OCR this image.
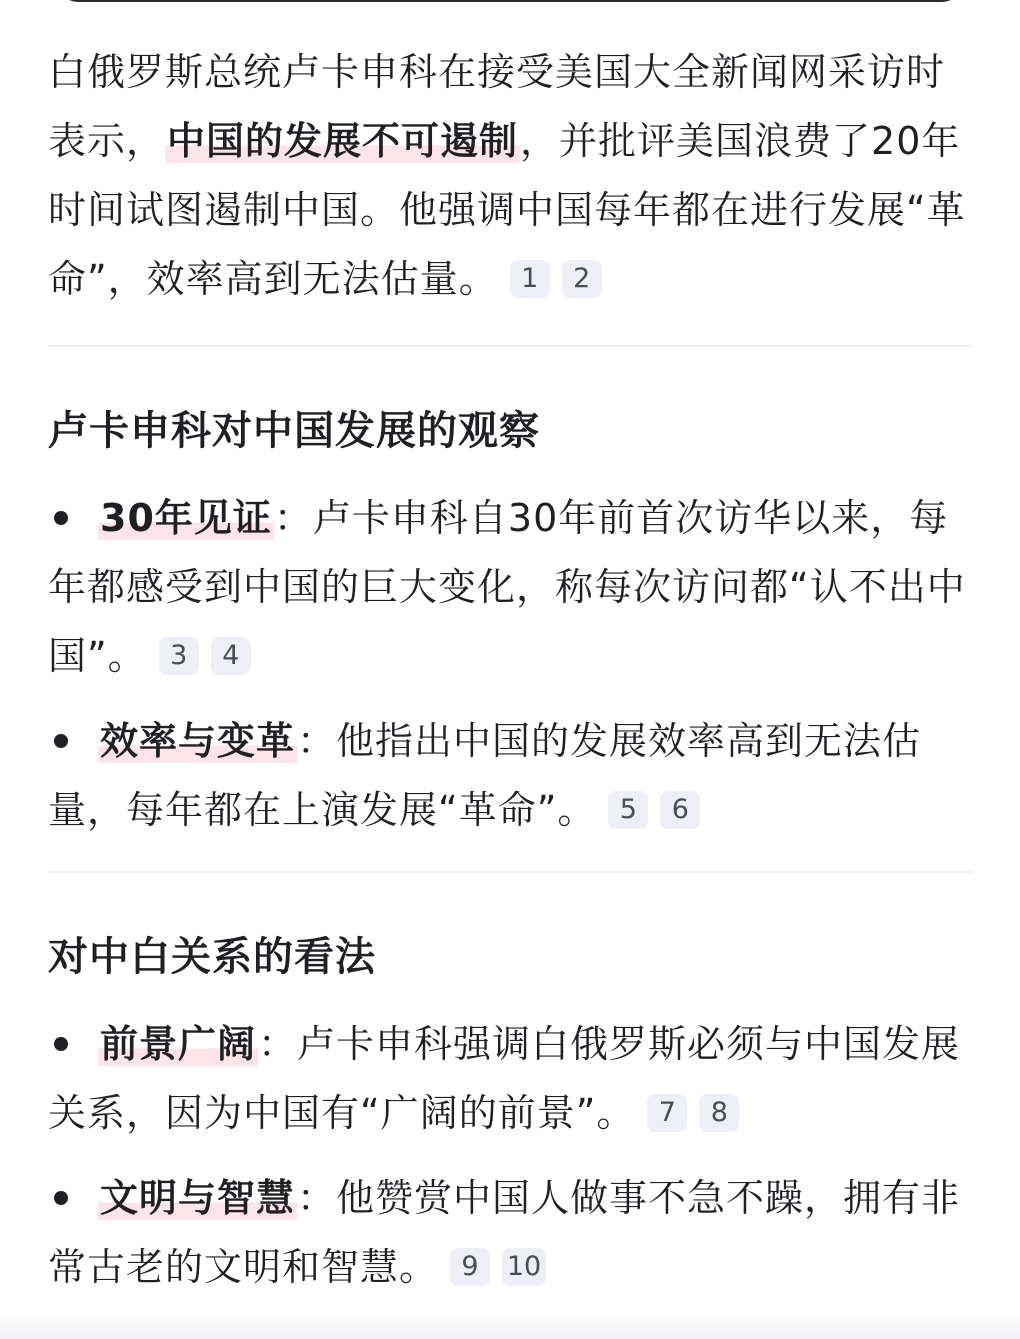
白俄罗斯总统卢卡申科在接受美国大全新闻网采访时表示，中国的发展不可遏制，并批评美国浪费了20年时间试图遏制中国。他强调中国每年都在进行发展“革命”，效率高到无法估量。 1 2

卢卡申科对中国发展的观察

30年见证：卢卡申科自30年前首次访华以来，每年都感受到中国的巨大变化，称每次访问都“认不出中国”。 3 4

效率与变革：他指出中国的发展效率高到无法估量，每年都在上演发展“革命”。 5 6

对中白关系的看法

前景广阔：卢卡申科强调白俄罗斯必须与中国发展关系，因为中国有“广阔的前景”。 7 8

文明与智慧：他赞赏中国人做事不急不躁，拥有非常古老的文明和智慧。 9 10
